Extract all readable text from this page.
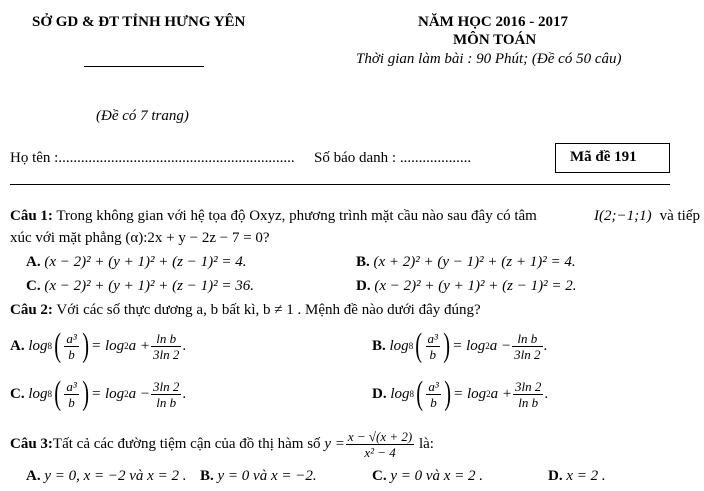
SỞ GD & ĐT TỈNH HƯNG YÊN	NĂM HỌC 2016 - 2017
MÔN TOÁN
Thời gian làm bài : 90 Phút; (Đề có 50 câu)
(Đề có 7 trang)
Họ tên :............................................................... Số báo danh : ...................	Mã đề 191
Câu 1: Trong không gian với hệ tọa độ Oxyz, phương trình mặt cầu nào sau đây có tâm	I(2;−1;1) và tiếp
xúc với mặt phẳng (α):2x + y − 2z − 7 = 0?
A. (x − 2)² + (y + 1)² + (z − 1)² = 4.	B. (x + 2)² + (y − 1)² + (z + 1)² = 4.
C. (x − 2)² + (y + 1)² + (z − 1)² = 36.	D. (x − 2)² + (y + 1)² + (z − 1)² = 2.
Câu 2: Với các số thực dương a, b bất kì, b ≠ 1 . Mệnh đề nào dưới đây đúng?
A.
log 8 ( $\frac{\text{a³}}{b}$ ) = log 2 $a + \frac{\text{ln b}}{3\ln 2}$ .	B.
log 8 ( $\frac{\text{a³}}{b}$ ) = log 2 $a - \frac{\text{ln b}}{3\ln 2}$ .
C.
log 8 ( $\frac{\text{a³}}{b}$ ) = log 2 $a - \frac{3\ln 2}{\text{ln b}}$ .	D.
log 8 ( $\frac{\text{a³}}{b}$ ) = log 2 $a + \frac{3\ln 2}{\text{ln b}}$ .
Câu 3: Tất cả các đường tiệm cận của đồ thị hàm số
$y = \frac{x - √(x + 2)}{\text{x² − 4}}$
là:
A. y = 0, x = −2 và x = 2 . B. y = 0 và x = −2.	C. y = 0 và x = 2 .	D. x = 2 .
